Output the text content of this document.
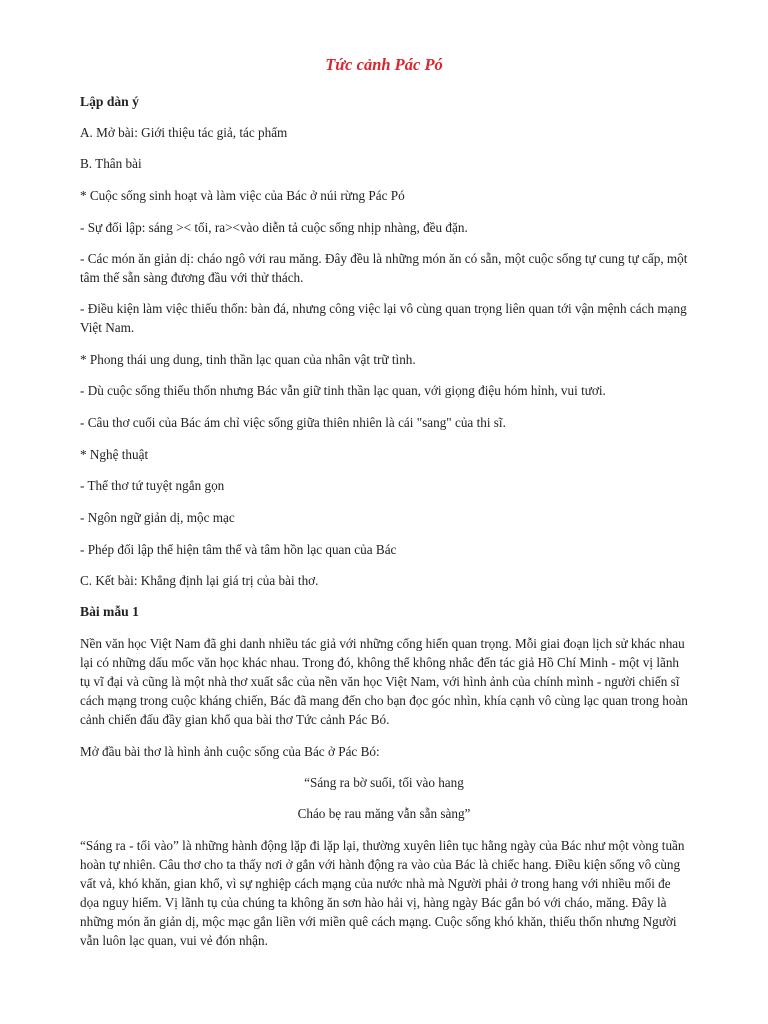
Tức cảnh Pác Pó
Lập dàn ý
A. Mở bài: Giới thiệu tác giả, tác phẩm
B. Thân bài
* Cuộc sống sinh hoạt và làm việc của Bác ở núi rừng Pác Pó
- Sự đối lập: sáng >< tối, ra><vào diễn tả cuộc sống nhịp nhàng, đều đặn.
- Các món ăn giản dị: cháo ngô với rau măng. Đây đều là những món ăn có sẵn, một cuộc sống tự cung tự cấp, một tâm thế sẵn sàng đương đầu với thử thách.
- Điều kiện làm việc thiếu thốn: bàn đá, nhưng công việc lại vô cùng quan trọng liên quan tới vận mệnh cách mạng Việt Nam.
* Phong thái ung dung, tinh thần lạc quan của nhân vật trữ tình.
- Dù cuộc sống thiếu thốn nhưng Bác vẫn giữ tinh thần lạc quan, với giọng điệu hóm hỉnh, vui tươi.
- Câu thơ cuối của Bác ám chỉ việc sống giữa thiên nhiên là cái "sang" của thi sĩ.
* Nghệ thuật
- Thể thơ tứ tuyệt ngắn gọn
- Ngôn ngữ giản dị, mộc mạc
- Phép đối lập thể hiện tâm thế và tâm hồn lạc quan của Bác
C. Kết bài: Khẳng định lại giá trị của bài thơ.
Bài mẫu 1
Nền văn học Việt Nam đã ghi danh nhiều tác giả với những cống hiến quan trọng. Mỗi giai đoạn lịch sử khác nhau lại có những dấu mốc văn học khác nhau. Trong đó, không thể không nhắc đến tác giả Hồ Chí Minh - một vị lãnh tụ vĩ đại và cũng là một nhà thơ xuất sắc của nền văn học Việt Nam, với hình ảnh của chính mình - người chiến sĩ cách mạng trong cuộc kháng chiến, Bác đã mang đến cho bạn đọc góc nhìn, khía cạnh vô cùng lạc quan trong hoàn cảnh chiến đấu đầy gian khổ qua bài thơ Tức cảnh Pác Bó.
Mở đầu bài thơ là hình ảnh cuộc sống của Bác ở Pác Bó:
“Sáng ra bờ suối, tối vào hang
Cháo bẹ rau măng vẫn sẵn sàng”
“Sáng ra - tối vào” là những hành động lặp đi lặp lại, thường xuyên liên tục hằng ngày của Bác như một vòng tuần hoàn tự nhiên. Câu thơ cho ta thấy nơi ở gắn với hành động ra vào của Bác là chiếc hang. Điều kiện sống vô cùng vất vả, khó khăn, gian khổ, vì sự nghiệp cách mạng của nước nhà mà Người phải ở trong hang với nhiều mối đe dọa nguy hiểm. Vị lãnh tụ của chúng ta không ăn sơn hào hải vị, hàng ngày Bác gắn bó với cháo, măng. Đây là những món ăn giản dị, mộc mạc gắn liền với miền quê cách mạng. Cuộc sống khó khăn, thiếu thốn nhưng Người vẫn luôn lạc quan, vui vẻ đón nhận.
